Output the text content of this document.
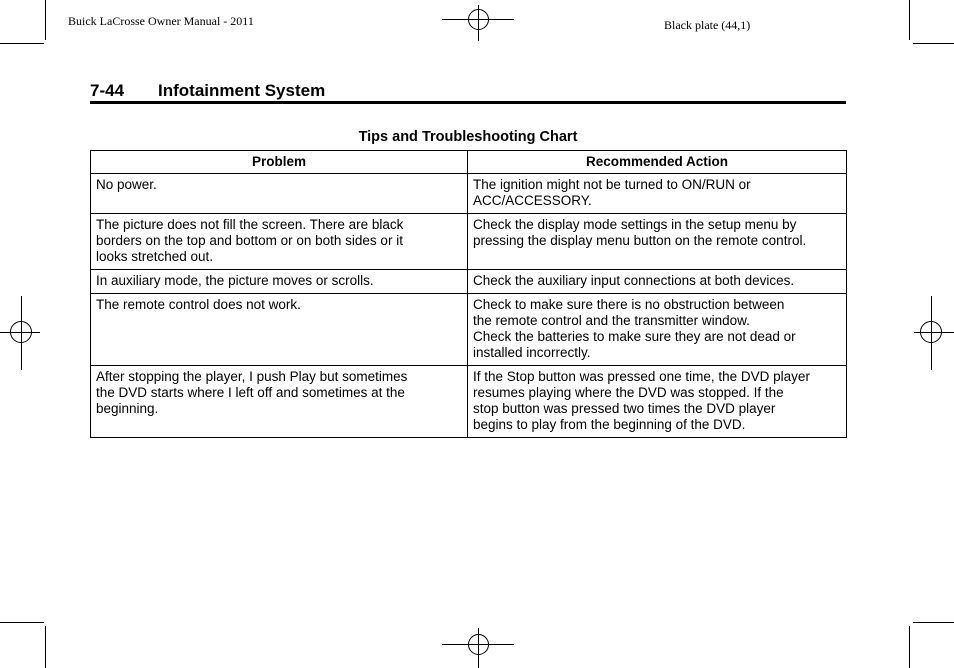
Buick LaCrosse Owner Manual - 2011	Black plate (44,1)
7-44 Infotainment System
Tips and Troubleshooting Chart
Problem	Recommended Action

No power.	The ignition might not be turned to ON/RUN or
ACC/ACCESSORY.

The picture does not fill the screen. There are black
borders on the top and bottom or on both sides or it
looks stretched out.	Check the display mode settings in the setup menu by
pressing the display menu button on the remote control.

In auxiliary mode, the picture moves or scrolls.	Check the auxiliary input connections at both devices.

The remote control does not work.	Check to make sure there is no obstruction between
the remote control and the transmitter window.
Check the batteries to make sure they are not dead or
installed incorrectly.

After stopping the player, I push Play but sometimes
the DVD starts where I left off and sometimes at the
beginning.	If the Stop button was pressed one time, the DVD player
resumes playing where the DVD was stopped. If the
stop button was pressed two times the DVD player
begins to play from the beginning of the DVD.
